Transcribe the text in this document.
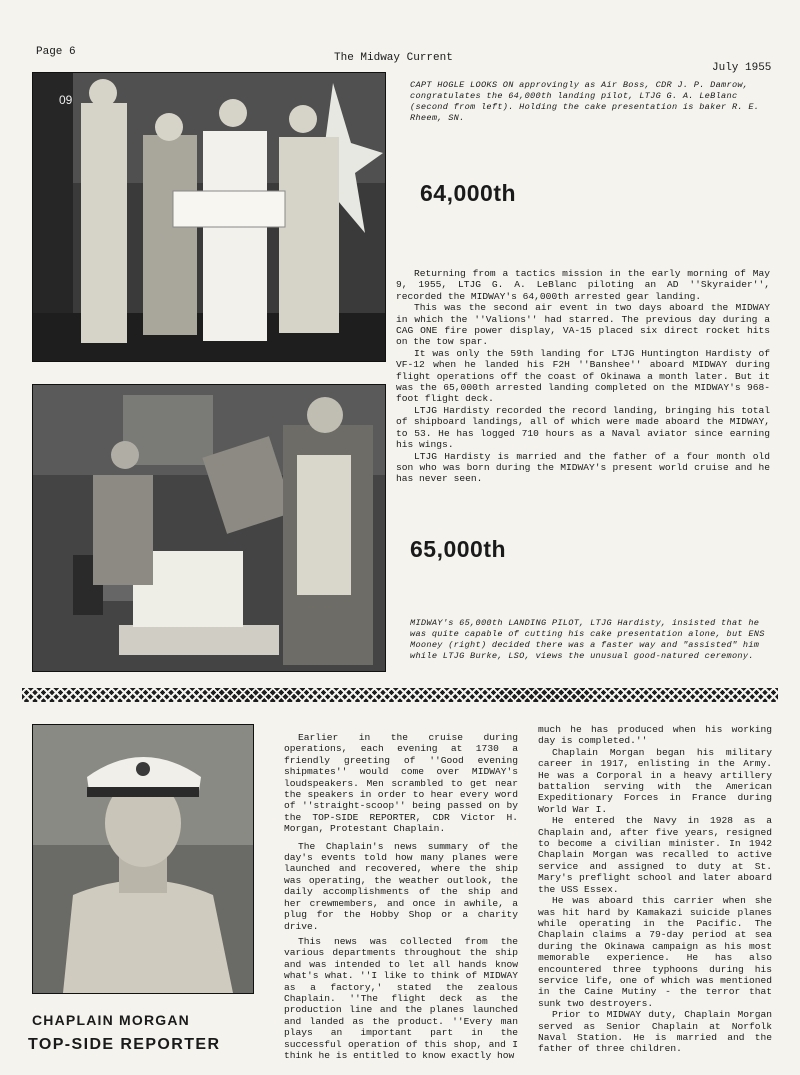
Page 6	The Midway Current
July 1955
09
CAPT HOGLE LOOKS ON approvingly as Air Boss, CDR J. P. Damrow, congratulates the 64,000th landing pilot, LTJG G. A. LeBlanc (second from left). Holding the cake presentation is baker R. E. Rheem, SN.
64,000th

Returning from a tactics mission in the early morning of May 9, 1955, LTJG G. A. LeBlanc piloting an AD ''Skyraider'', recorded the MIDWAY's 64,000th arrested gear landing.

This was the second air event in two days aboard the MIDWAY in which the ''Valions'' had starred. The previous day during a CAG ONE fire power display, VA-15 placed six direct rocket hits on the tow spar.

It was only the 59th landing for LTJG Huntington Hardisty of VF-12 when he landed his F2H ''Banshee'' aboard MIDWAY during flight operations off the coast of Okinawa a month later. But it was the 65,000th arrested landing completed on the MIDWAY's 968-foot flight deck.

LTJG Hardisty recorded the record landing, bringing his total of shipboard landings, all of which were made aboard the MIDWAY, to 53. He has logged 710 hours as a Naval aviator since earning his wings.

LTJG Hardisty is married and the father of a four month old son who was born during the MIDWAY's present world cruise and he has never seen.

65,000th
MIDWAY's 65,000th LANDING PILOT, LTJG Hardisty, insisted that he was quite capable of cutting his cake presentation alone, but ENS Mooney (right) decided there was a faster way and "assisted" him while LTJG Burke, LSO, views the unusual good-natured ceremony.
CHAPLAIN MORGAN
TOP-SIDE REPORTER

Earlier in the cruise during operations, each evening at 1730 a friendly greeting of ''Good evening shipmates'' would come over MIDWAY's loudspeakers. Men scrambled to get near the speakers in order to hear every word of ''straight-scoop'' being passed on by the TOP-SIDE REPORTER, CDR Victor H. Morgan, Protestant Chaplain.

The Chaplain's news summary of the day's events told how many planes were launched and recovered, where the ship was operating, the weather outlook, the daily accomplishments of the ship and her crewmembers, and once in awhile, a plug for the Hobby Shop or a charity drive.

This news was collected from the various departments throughout the ship and was intended to let all hands know what's what. ''I like to think of MIDWAY as a factory,' stated the zealous Chaplain. ''The flight deck as the production line and the planes launched and landed as the product. ''Every man plays an important part in the successful operation of this shop, and I think he is entitled to know exactly how

much he has produced when his working day is completed.''

Chaplain Morgan began his military career in 1917, enlisting in the Army. He was a Corporal in a heavy artillery battalion serving with the American Expeditionary Forces in France during World War I.

He entered the Navy in 1928 as a Chaplain and, after five years, resigned to become a civilian minister. In 1942 Chaplain Morgan was recalled to active service and assigned to duty at St. Mary's preflight school and later aboard the USS Essex.

He was aboard this carrier when she was hit hard by Kamakazi suicide planes while operating in the Pacific. The Chaplain claims a 79-day period at sea during the Okinawa campaign as his most memorable experience. He has also encountered three typhoons during his service life, one of which was mentioned in the Caine Mutiny - the terror that sunk two destroyers.

Prior to MIDWAY duty, Chaplain Morgan served as Senior Chaplain at Norfolk Naval Station. He is married and the father of three children.
